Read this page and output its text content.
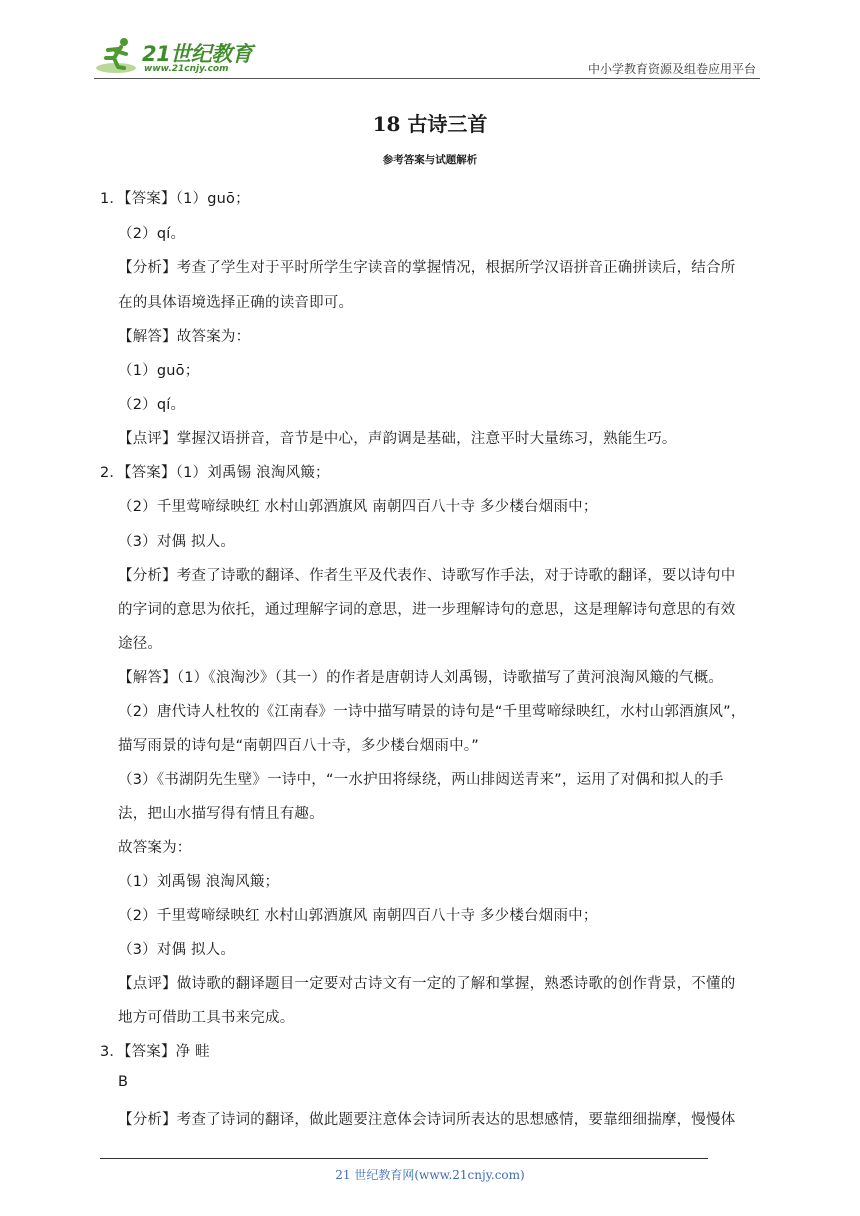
21世纪教育
www.21cnjy.com	中小学教育资源及组卷应用平台
18 古诗三首
参考答案与试题解析
1．【答案】（1）guō；
（2）qí。
【分析】考查了学生对于平时所学生字读音的掌握情况，根据所学汉语拼音正确拼读后，结合所
在的具体语境选择正确的读音即可。
【解答】故答案为：
（1）guō；
（2）qí。
【点评】掌握汉语拼音，音节是中心，声韵调是基础，注意平时大量练习，熟能生巧。
2．【答案】（1）刘禹锡 浪淘风簸；
（2）千里莺啼绿映红 水村山郭酒旗风 南朝四百八十寺 多少楼台烟雨中；
（3）对偶 拟人。
【分析】考查了诗歌的翻译、作者生平及代表作、诗歌写作手法，对于诗歌的翻译，要以诗句中
的字词的意思为依托，通过理解字词的意思，进一步理解诗句的意思，这是理解诗句意思的有效
途径。
【解答】（1）《浪淘沙》（其一）的作者是唐朝诗人刘禹锡，诗歌描写了黄河浪淘风簸的气概。
（2）唐代诗人杜牧的《江南春》一诗中描写晴景的诗句是“千里莺啼绿映红，水村山郭酒旗风”，
描写雨景的诗句是“南朝四百八十寺，多少楼台烟雨中。”
（3）《书湖阴先生壁》一诗中，“一水护田将绿绕，两山排闼送青来”，运用了对偶和拟人的手
法，把山水描写得有情且有趣。
故答案为：
（1）刘禹锡 浪淘风簸；
（2）千里莺啼绿映红 水村山郭酒旗风 南朝四百八十寺 多少楼台烟雨中；
（3）对偶 拟人。
【点评】做诗歌的翻译题目一定要对古诗文有一定的了解和掌握，熟悉诗歌的创作背景，不懂的
地方可借助工具书来完成。
3．【答案】净 畦
B
【分析】考查了诗词的翻译，做此题要注意体会诗词所表达的思想感情，要靠细细揣摩，慢慢体
21 世纪教育网(www.21cnjy.com)
